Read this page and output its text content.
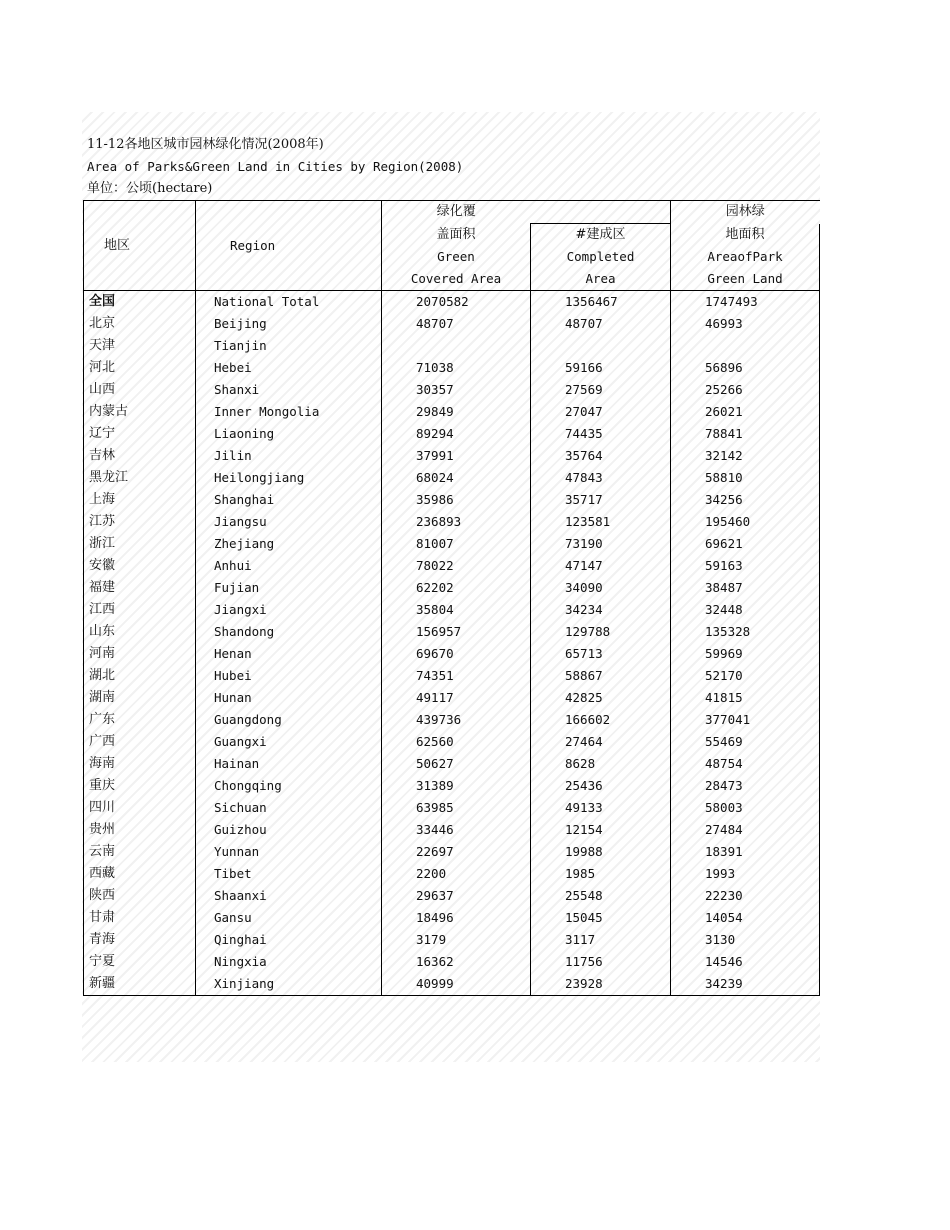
11-12各地区城市园林绿化情况(2008年)
Area of Parks&Green Land in Cities by Region(2008)
单位：公顷(hectare)
地区	Region	绿化覆		园林绿
		盖面积	#建成区	地面积
		Green	Completed	AreaofPark
		Covered Area	Area	Green Land
全国	National Total	2070582	1356467	1747493
北京	Beijing	48707	48707	46993
天津	Tianjin			
河北	Hebei	71038	59166	56896
山西	Shanxi	30357	27569	25266
内蒙古	Inner Mongolia	29849	27047	26021
辽宁	Liaoning	89294	74435	78841
吉林	Jilin	37991	35764	32142
黑龙江	Heilongjiang	68024	47843	58810
上海	Shanghai	35986	35717	34256
江苏	Jiangsu	236893	123581	195460
浙江	Zhejiang	81007	73190	69621
安徽	Anhui	78022	47147	59163
福建	Fujian	62202	34090	38487
江西	Jiangxi	35804	34234	32448
山东	Shandong	156957	129788	135328
河南	Henan	69670	65713	59969
湖北	Hubei	74351	58867	52170
湖南	Hunan	49117	42825	41815
广东	Guangdong	439736	166602	377041
广西	Guangxi	62560	27464	55469
海南	Hainan	50627	8628	48754
重庆	Chongqing	31389	25436	28473
四川	Sichuan	63985	49133	58003
贵州	Guizhou	33446	12154	27484
云南	Yunnan	22697	19988	18391
西藏	Tibet	2200	1985	1993
陕西	Shaanxi	29637	25548	22230
甘肃	Gansu	18496	15045	14054
青海	Qinghai	3179	3117	3130
宁夏	Ningxia	16362	11756	14546
新疆	Xinjiang	40999	23928	34239
